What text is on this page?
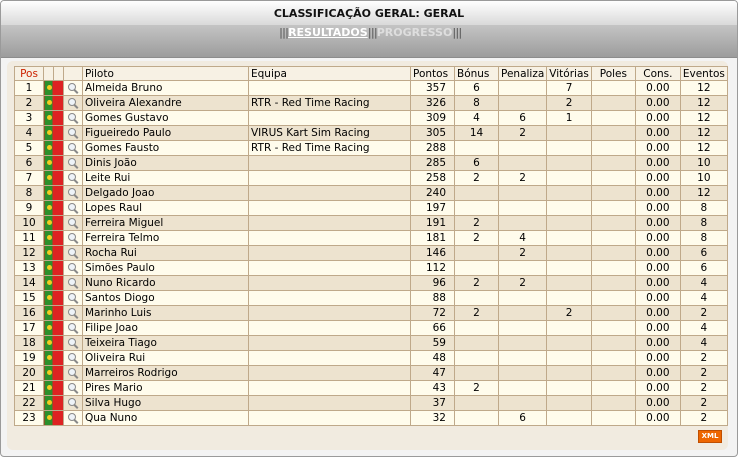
CLASSIFICAÇÃO GERAL: GERAL
|||RESULTADOS|||PROGRESSO|||
Pos				Piloto	Equipa	Pontos	Bónus	Penaliza	Vitórias	Poles	Cons.	Eventos
1				Almeida Bruno		357	6		7		0.00	12
2				Oliveira Alexandre	RTR - Red Time Racing	326	8		2		0.00	12
3				Gomes Gustavo		309	4	6	1		0.00	12
4				Figueiredo Paulo	VIRUS Kart Sim Racing	305	14	2			0.00	12
5				Gomes Fausto	RTR - Red Time Racing	288					0.00	12
6				Dinis João		285	6				0.00	10
7				Leite Rui		258	2	2			0.00	10
8				Delgado Joao		240					0.00	12
9				Lopes Raul		197					0.00	8
10				Ferreira Miguel		191	2				0.00	8
11				Ferreira Telmo		181	2	4			0.00	8
12				Rocha Rui		146		2			0.00	6
13				Simões Paulo		112					0.00	6
14				Nuno Ricardo		96	2	2			0.00	4
15				Santos Diogo		88					0.00	4
16				Marinho Luis		72	2		2		0.00	2
17				Filipe Joao		66					0.00	4
18				Teixeira Tiago		59					0.00	4
19				Oliveira Rui		48					0.00	2
20				Marreiros Rodrigo		47					0.00	2
21				Pires Mario		43	2				0.00	2
22				Silva Hugo		37					0.00	2
23				Qua Nuno		32		6			0.00	2
XML
